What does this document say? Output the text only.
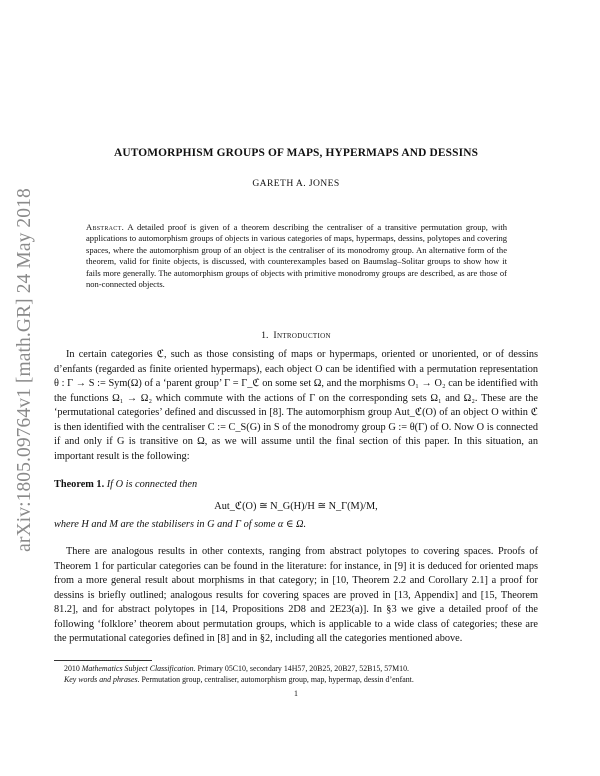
arXiv:1805.09764v1 [math.GR] 24 May 2018

AUTOMORPHISM GROUPS OF MAPS, HYPERMAPS AND DESSINS

GARETH A. JONES

Abstract. A detailed proof is given of a theorem describing the centraliser of a transitive permutation group, with applications to automorphism groups of objects in various categories of maps, hypermaps, dessins, polytopes and covering spaces, where the automorphism group of an object is the centraliser of its monodromy group. An alternative form of the theorem, valid for finite objects, is discussed, with counterexamples based on Baumslag–Solitar groups to show how it fails more generally. The automorphism groups of objects with primitive monodromy groups are described, as are those of non-connected objects.

1. Introduction

In certain categories ℭ, such as those consisting of maps or hypermaps, oriented or unoriented, or of dessins d’enfants (regarded as finite oriented hypermaps), each object O can be identified with a permutation representation θ : Γ → S := Sym(Ω) of a ‘parent group’ Γ = Γ_ℭ on some set Ω, and the morphisms O₁ → O₂ can be identified with the functions Ω₁ → Ω₂ which commute with the actions of Γ on the corresponding sets Ω₁ and Ω₂. These are the ‘permutational categories’ defined and discussed in [8]. The automorphism group Aut_ℭ(O) of an object O within ℭ is then identified with the centraliser C := C_S(G) in S of the monodromy group G := θ(Γ) of O. Now O is connected if and only if G is transitive on Ω, as we will assume until the final section of this paper. In this situation, an important result is the following:

Theorem 1. If O is connected then

Aut_ℭ(O) ≅ N_G(H)/H ≅ N_Γ(M)/M,

where H and M are the stabilisers in G and Γ of some α ∈ Ω.

There are analogous results in other contexts, ranging from abstract polytopes to covering spaces. Proofs of Theorem 1 for particular categories can be found in the literature: for instance, in [9] it is deduced for oriented maps from a more general result about morphisms in that category; in [10, Theorem 2.2 and Corollary 2.1] a proof for dessins is briefly outlined; analogous results for covering spaces are proved in [13, Appendix] and [15, Theorem 81.2], and for abstract polytopes in [14, Propositions 2D8 and 2E23(a)]. In §3 we give a detailed proof of the following ‘folklore’ theorem about permutation groups, which is applicable to a wide class of categories; these are the permutational categories defined in [8] and in §2, including all the categories mentioned above.

2010 Mathematics Subject Classification. Primary 05C10, secondary 14H57, 20B25, 20B27, 52B15, 57M10.

Key words and phrases. Permutation group, centraliser, automorphism group, map, hypermap, dessin d’enfant.

1
